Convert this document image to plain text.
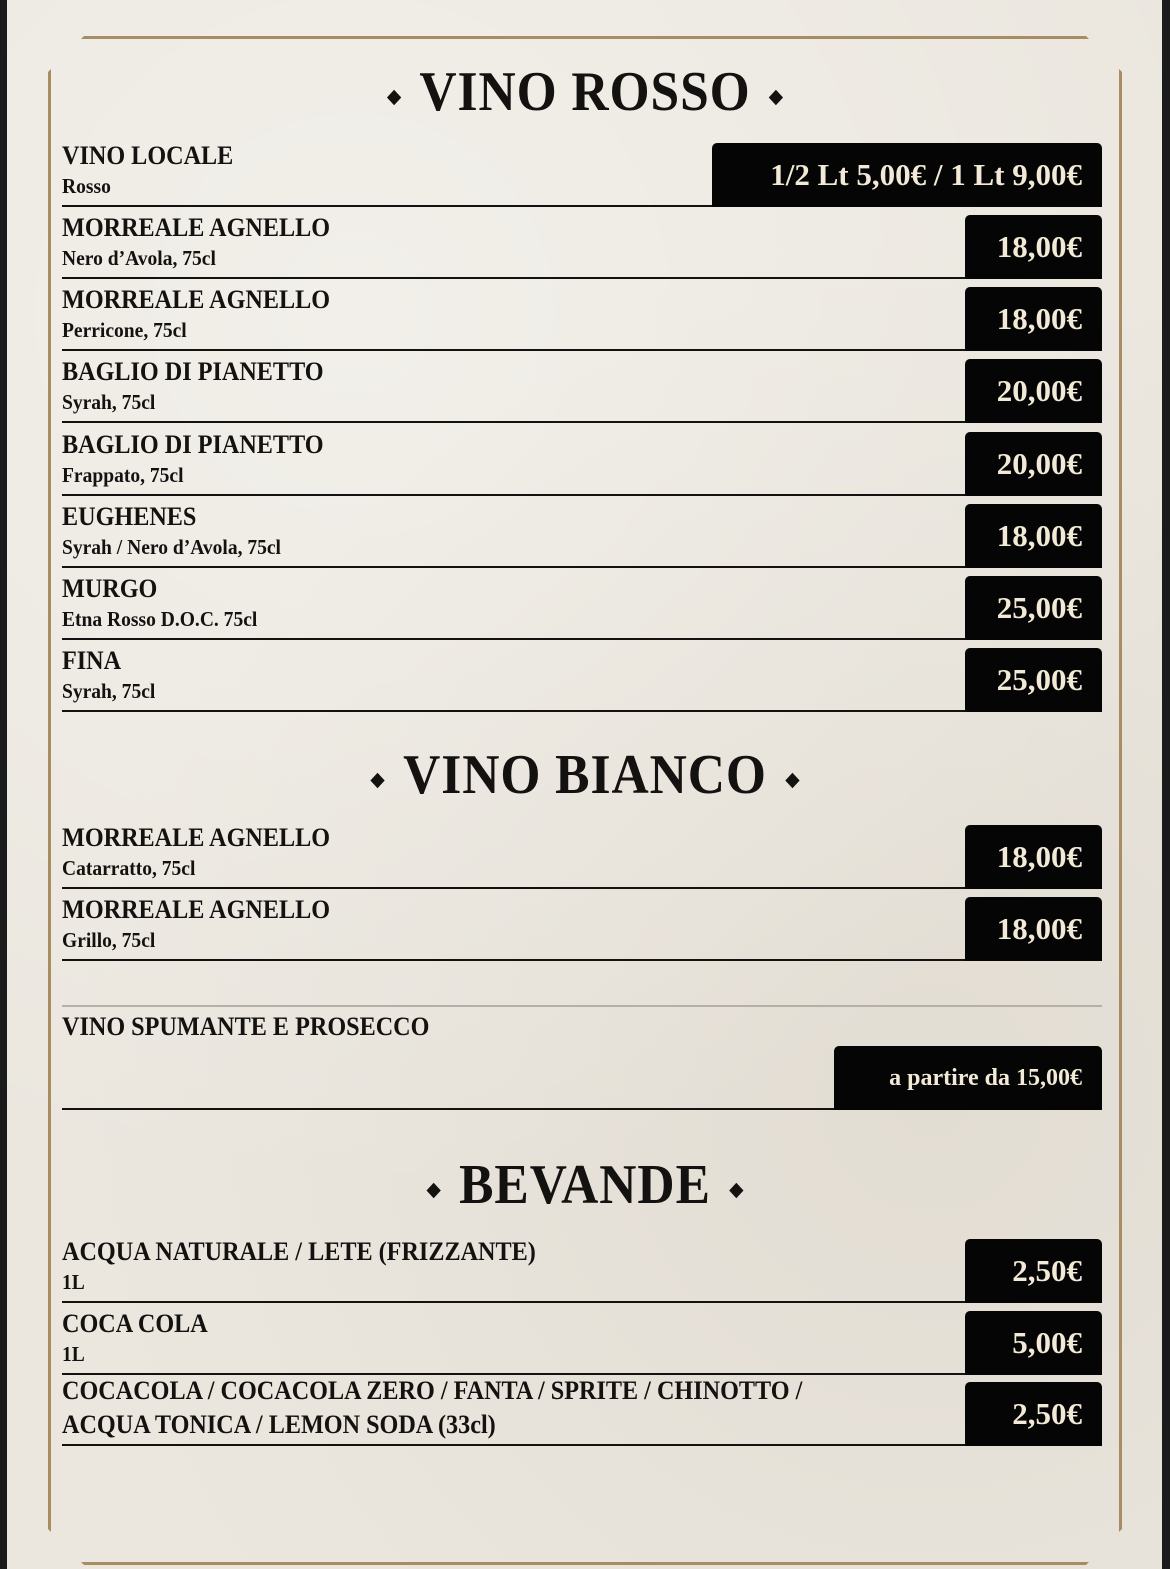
VINO ROSSO
VINO LOCALE
Rosso	1/2 Lt 5,00€ / 1 Lt 9,00€
MORREALE AGNELLO
Nero d’Avola, 75cl	18,00€
MORREALE AGNELLO
Perricone, 75cl	18,00€
BAGLIO DI PIANETTO
Syrah, 75cl	20,00€
BAGLIO DI PIANETTO
Frappato, 75cl	20,00€
EUGHENES
Syrah / Nero d’Avola, 75cl	18,00€
MURGO
Etna Rosso D.O.C. 75cl	25,00€
FINA
Syrah, 75cl	25,00€
VINO BIANCO
MORREALE AGNELLO
Catarratto, 75cl	18,00€
MORREALE AGNELLO
Grillo, 75cl	18,00€
VINO SPUMANTE E PROSECCO
a partire da 15,00€
BEVANDE
ACQUA NATURALE / LETE (FRIZZANTE)
1L	2,50€
COCA COLA
1L	5,00€
COCACOLA / COCACOLA ZERO / FANTA / SPRITE / CHINOTTO /
ACQUA TONICA / LEMON SODA (33cl)	2,50€
